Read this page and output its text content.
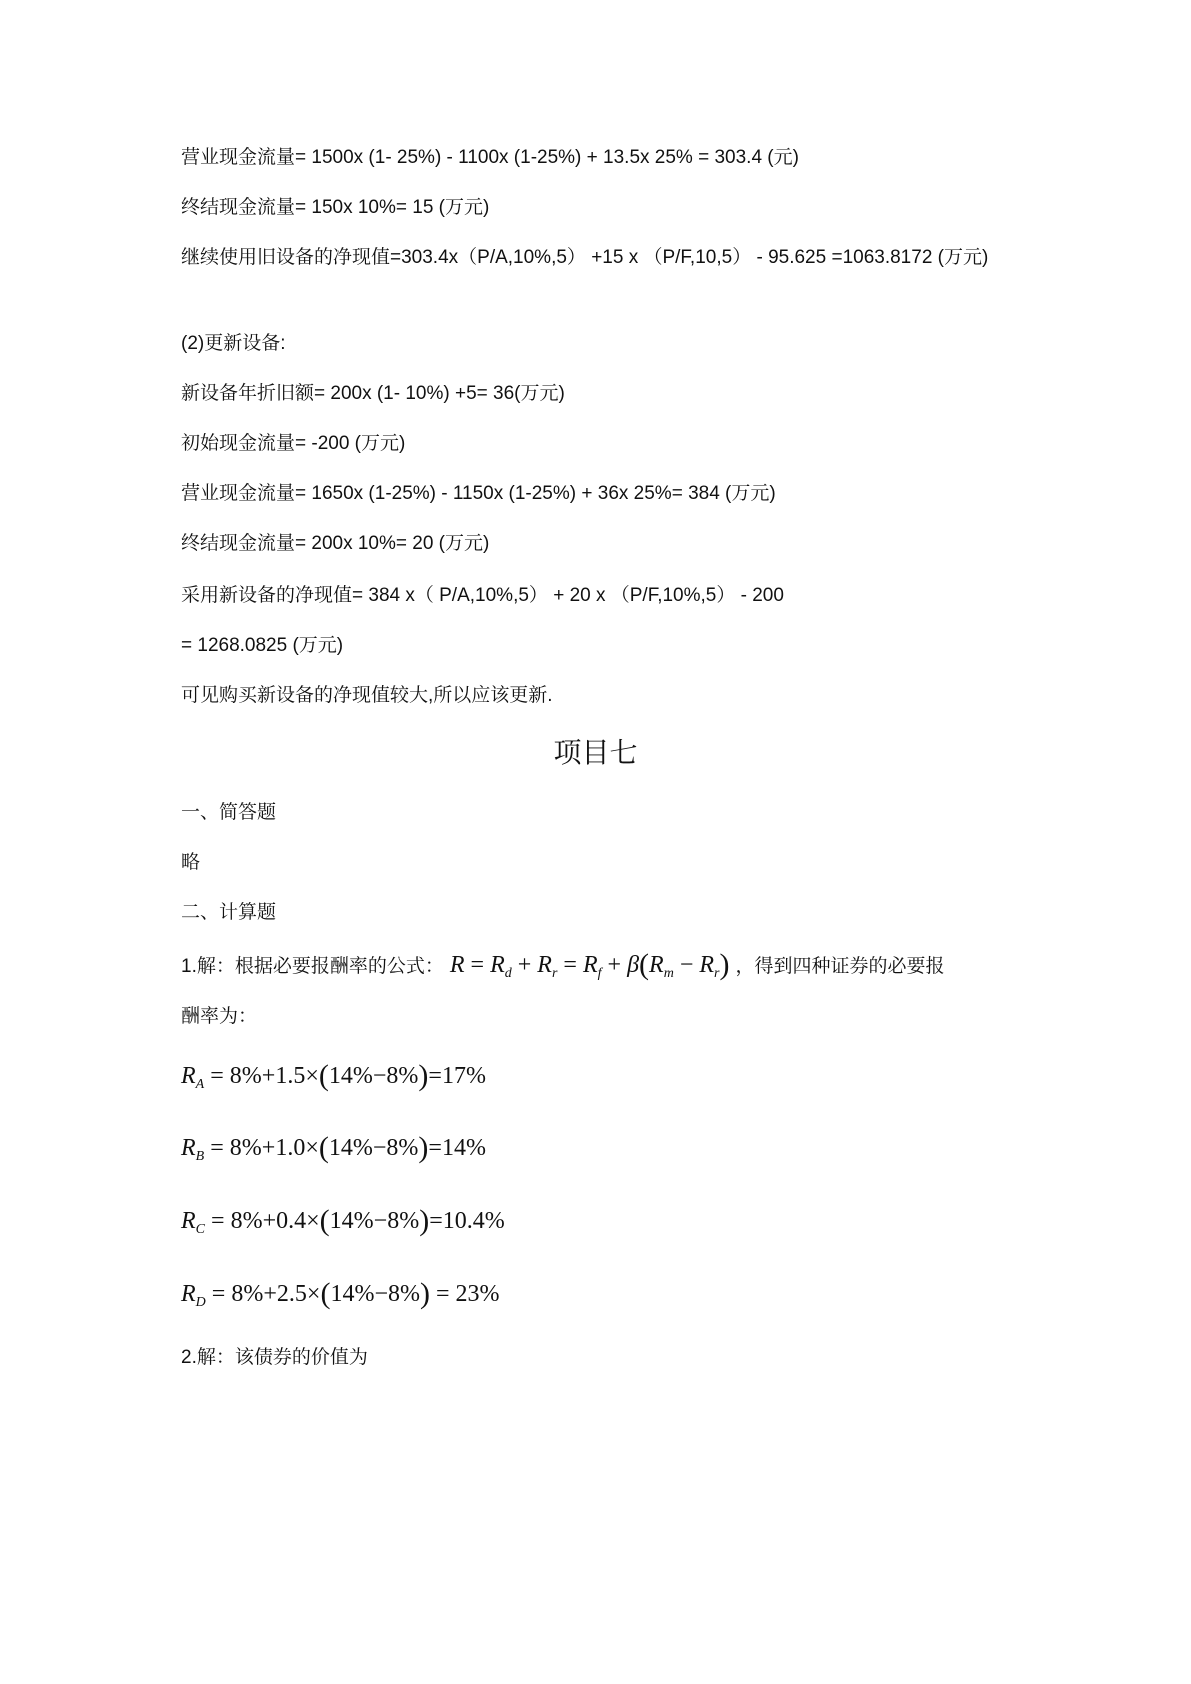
营业现金流量= 1500x (1- 25%) - 1100x (1-25%) + 13.5x 25% = 303.4 (元)
终结现金流量= 150x 10%= 15 (万元)
继续使用旧设备的净现值=303.4x（P/A,10%,5） +15 x （P/F,10,5） - 95.625 =1063.8172 (万元)
(2)更新设备:
新设备年折旧额= 200x (1- 10%) +5= 36(万元)
初始现金流量= -200 (万元)
营业现金流量= 1650x (1-25%) - 1150x (1-25%) + 36x 25%= 384 (万元)
终结现金流量= 200x 10%= 20 (万元)
采用新设备的净现值= 384 x（ P/A,10%,5） + 20 x （P/F,10%,5） - 200
= 1268.0825 (万元)
可见购买新设备的净现值较大,所以应该更新.
项目七
一、简答题
略
二、计算题
1.解：根据必要报酬率的公式： $R = R_d + R_r = R_f + \beta(R_m - R_r)$ ，得到四种证券的必要报
酬率为：
$R_A = 8\%+1.5\times(14\%-8\%)=17\%$
$R_B = 8\%+1.0\times(14\%-8\%)=14\%$
$R_C = 8\%+0.4\times(14\%-8\%)=10.4\%$
$R_D = 8\%+2.5\times(14\%-8\%) = 23\%$
2.解：该债券的价值为
